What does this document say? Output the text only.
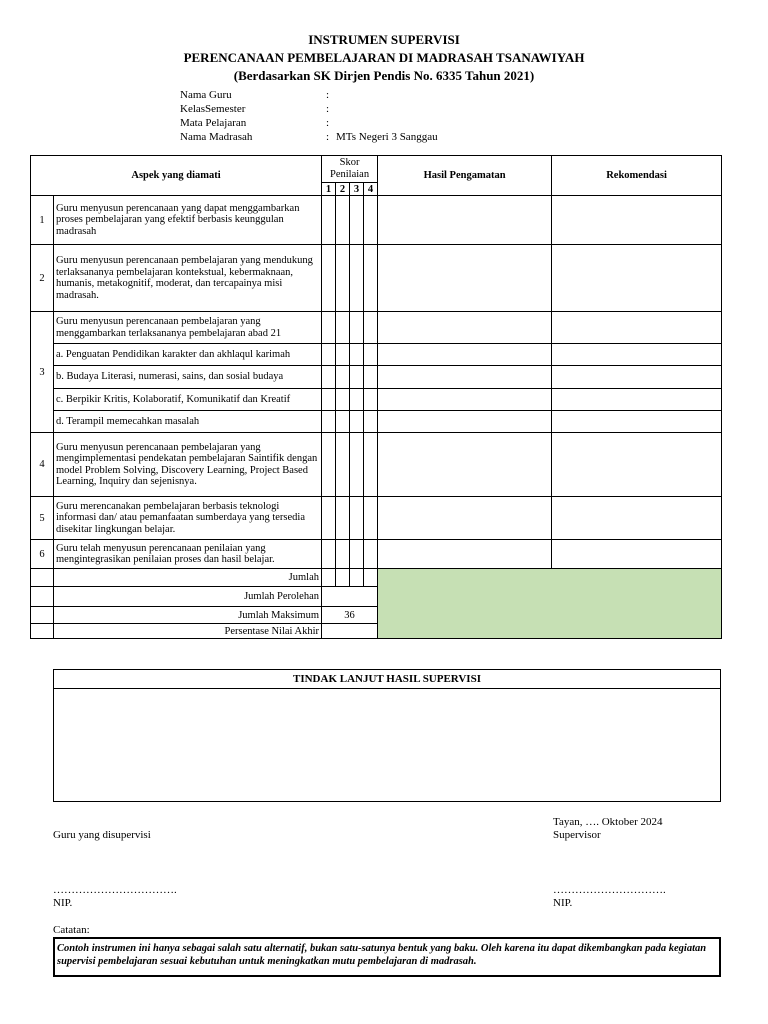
INSTRUMEN SUPERVISI
PERENCANAAN PEMBELAJARAN DI MADRASAH TSANAWIYAH
(Berdasarkan SK Dirjen Pendis No. 6335 Tahun 2021)
Nama Guru	:
KelasSemester	:
Mata Pelajaran	:
Nama Madrasah	: MTs Negeri 3 Sanggau
Aspek yang diamati		Skor Penilaian				Hasil Pengamatan	Rekomendasi
		1	2	3	4		
1	Guru menyusun perencanaan yang dapat menggambarkan proses pembelajaran yang efektif berbasis keunggulan madrasah						
2	Guru menyusun perencanaan pembelajaran yang mendukung terlaksananya pembelajaran kontekstual, kebermaknaan, humanis, metakognitif, moderat, dan tercapainya misi madrasah.						
3	Guru menyusun perencanaan pembelajaran yang menggambarkan terlaksananya pembelajaran abad 21						
	a. Penguatan Pendidikan karakter dan akhlaqul karimah						
	b. Budaya Literasi, numerasi, sains, dan sosial budaya						
	c. Berpikir Kritis, Kolaboratif, Komunikatif dan Kreatif						
	d. Terampil memecahkan masalah						
4	Guru menyusun perencanaan pembelajaran yang mengimplementasi pendekatan pembelajaran Saintifik dengan model Problem Solving, Discovery Learning, Project Based Learning, Inquiry dan sejenisnya.						
5	Guru merencanakan pembelajaran berbasis teknologi informasi dan/ atau pemanfaatan sumberdaya yang tersedia disekitar lingkungan belajar.						
6	Guru telah menyusun perencanaan penilaian yang mengintegrasikan penilaian proses dan hasil belajar.						
	Jumlah						
	Jumlah Perolehan						
	Jumlah Maksimum	36					
	Persentase Nilai Akhir						
TINDAK LANJUT HASIL SUPERVISI
Tayan, …. Oktober 2024
Supervisor
Guru yang disupervisi
…………………………….
NIP.
………………………….
NIP.
Catatan:
Contoh instrumen ini hanya sebagai salah satu alternatif, bukan satu-satunya bentuk yang baku. Oleh karena itu dapat dikembangkan pada kegiatan supervisi pembelajaran sesuai kebutuhan untuk meningkatkan mutu pembelajaran di madrasah.
